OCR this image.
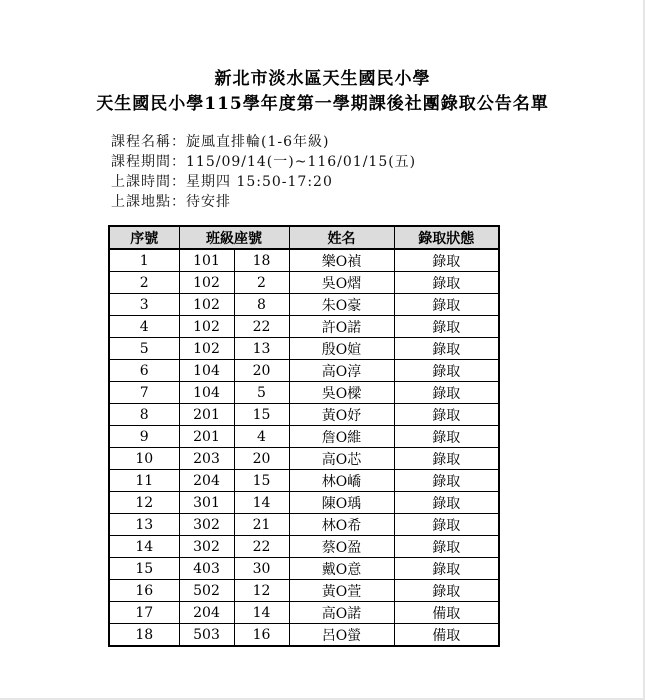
新北市淡水區天生國民小學
天生國民小學115學年度第一學期課後社團錄取公告名單
課程名稱：旋風直排輪(1-6年級)
課程期間：115/09/14(一)~116/01/15(五)
上課時間：星期四 15:50-17:20
上課地點：待安排
序號	班級座號		姓名	錄取狀態
1	101	18	樂O禎	錄取
2	102	2	吳O熠	錄取
3	102	8	朱O豪	錄取
4	102	22	許O諾	錄取
5	102	13	殷O媗	錄取
6	104	20	高O淳	錄取
7	104	5	吳O樑	錄取
8	201	15	黃O妤	錄取
9	201	4	詹O維	錄取
10	203	20	高O芯	錄取
11	204	15	林O嶠	錄取
12	301	14	陳O瑀	錄取
13	302	21	林O希	錄取
14	302	22	蔡O盈	錄取
15	403	30	戴O意	錄取
16	502	12	黃O萱	錄取
17	204	14	高O諾	備取
18	503	16	呂O螢	備取
